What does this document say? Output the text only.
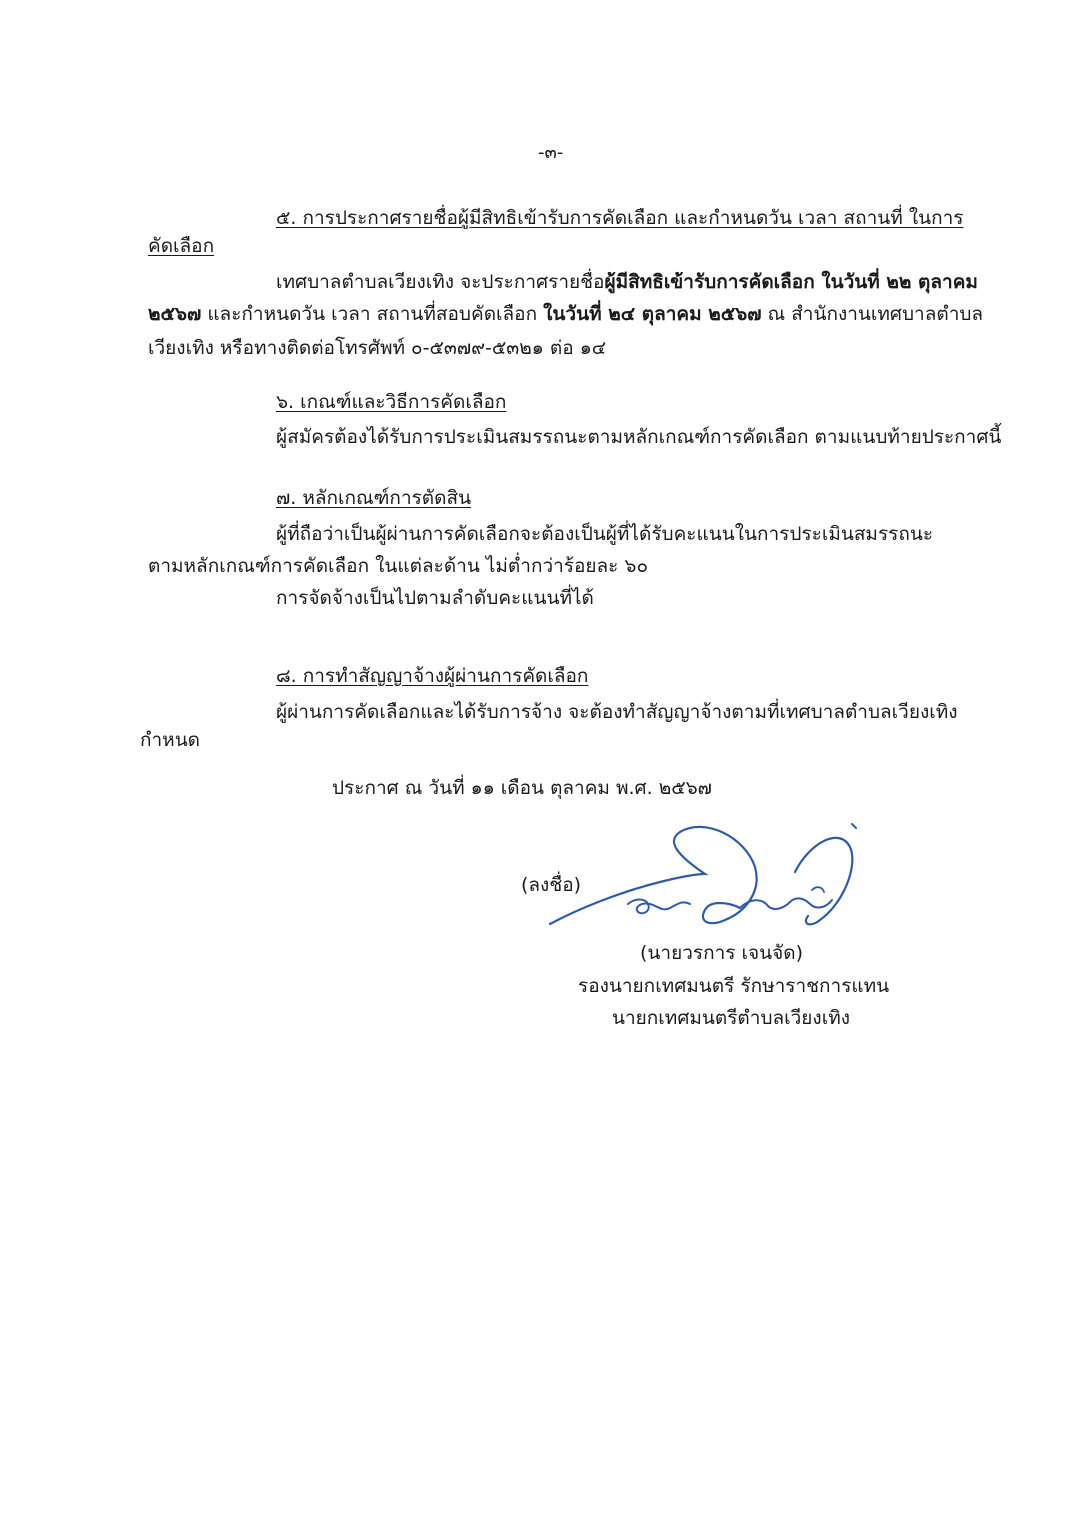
-๓-
๕. การประกาศรายชื่อผู้มีสิทธิเข้ารับการคัดเลือก และกำหนดวัน เวลา สถานที่ ในการ
คัดเลือก
เทศบาลตำบลเวียงเทิง จะประกาศรายชื่อผู้มีสิทธิเข้ารับการคัดเลือก ในวันที่ ๒๒ ตุลาคม
๒๕๖๗ และกำหนดวัน เวลา สถานที่สอบคัดเลือก ในวันที่ ๒๔ ตุลาคม ๒๕๖๗ ณ สำนักงานเทศบาลตำบล
เวียงเทิง หรือทางติดต่อโทรศัพท์ ๐-๕๓๗๙-๕๓๒๑ ต่อ ๑๔
๖. เกณฑ์และวิธีการคัดเลือก
ผู้สมัครต้องได้รับการประเมินสมรรถนะตามหลักเกณฑ์การคัดเลือก ตามแนบท้ายประกาศนี้
๗. หลักเกณฑ์การตัดสิน
ผู้ที่ถือว่าเป็นผู้ผ่านการคัดเลือกจะต้องเป็นผู้ที่ได้รับคะแนนในการประเมินสมรรถนะ
ตามหลักเกณฑ์การคัดเลือก ในแต่ละด้าน ไม่ต่ำกว่าร้อยละ ๖๐
การจัดจ้างเป็นไปตามลำดับคะแนนที่ได้
๘. การทำสัญญาจ้างผู้ผ่านการคัดเลือก
ผู้ผ่านการคัดเลือกและได้รับการจ้าง จะต้องทำสัญญาจ้างตามที่เทศบาลตำบลเวียงเทิง
กำหนด
ประกาศ ณ วันที่ ๑๑ เดือน ตุลาคม พ.ศ. ๒๕๖๗
(ลงชื่อ)
(นายวรการ เจนจัด)
รองนายกเทศมนตรี รักษาราชการแทน
นายกเทศมนตรีตำบลเวียงเทิง
